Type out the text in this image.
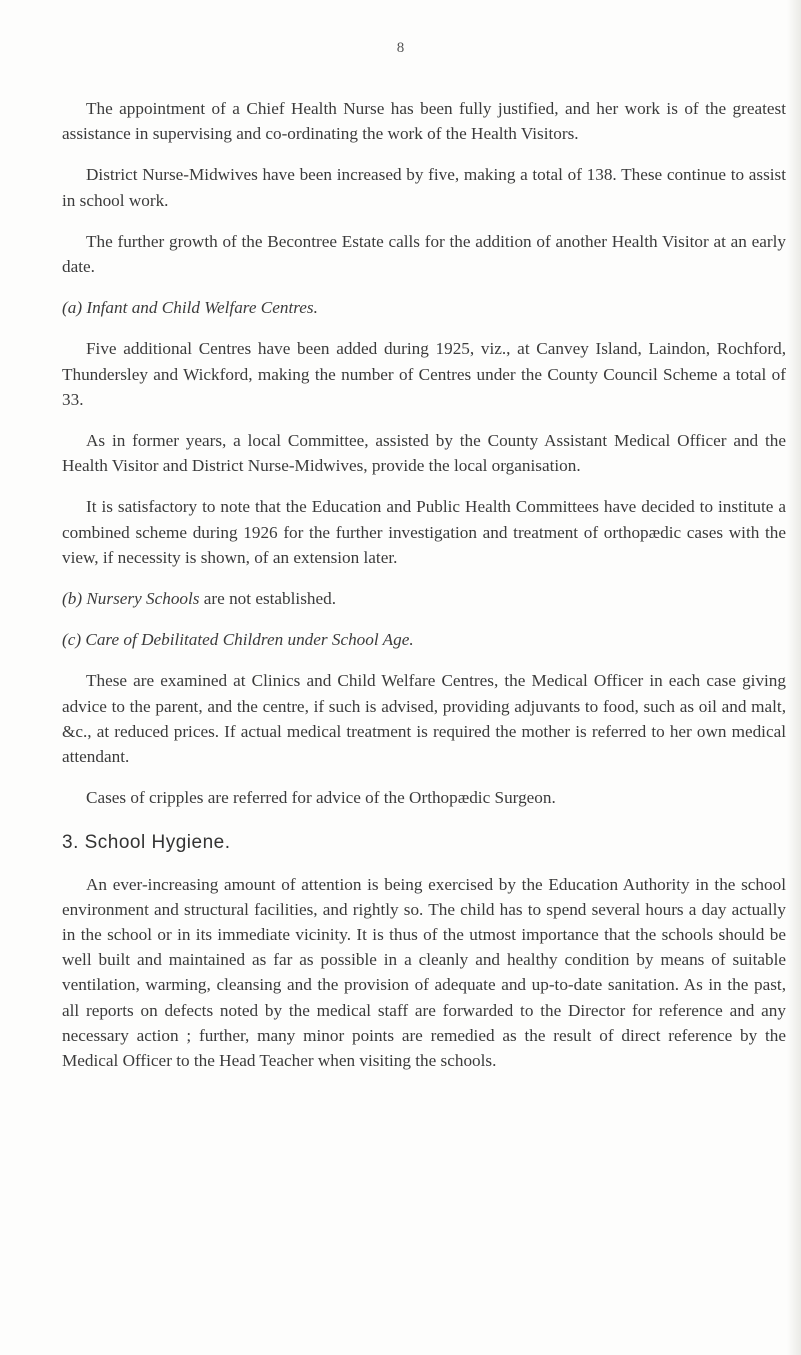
8

The appointment of a Chief Health Nurse has been fully justified, and her work is of the greatest assistance in supervising and co-ordinating the work of the Health Visitors.

District Nurse-Midwives have been increased by five, making a total of 138. These continue to assist in school work.

The further growth of the Becontree Estate calls for the addition of another Health Visitor at an early date.

(a) Infant and Child Welfare Centres.

Five additional Centres have been added during 1925, viz., at Canvey Island, Laindon, Rochford, Thundersley and Wickford, making the number of Centres under the County Council Scheme a total of 33.

As in former years, a local Committee, assisted by the County Assistant Medical Officer and the Health Visitor and District Nurse-Midwives, provide the local organisation.

It is satisfactory to note that the Education and Public Health Committees have decided to institute a combined scheme during 1926 for the further investigation and treatment of orthopædic cases with the view, if necessity is shown, of an extension later.

(b) Nursery Schools are not established.

(c) Care of Debilitated Children under School Age.

These are examined at Clinics and Child Welfare Centres, the Medical Officer in each case giving advice to the parent, and the centre, if such is advised, providing adjuvants to food, such as oil and malt, &c., at reduced prices. If actual medical treatment is required the mother is referred to her own medical attendant.

Cases of cripples are referred for advice of the Orthopædic Surgeon.

3. School Hygiene.

An ever-increasing amount of attention is being exercised by the Education Authority in the school environment and structural facilities, and rightly so. The child has to spend several hours a day actually in the school or in its immediate vicinity. It is thus of the utmost importance that the schools should be well built and maintained as far as possible in a cleanly and healthy condition by means of suitable ventilation, warming, cleansing and the provision of adequate and up-to-date sanitation. As in the past, all reports on defects noted by the medical staff are forwarded to the Director for reference and any necessary action ; further, many minor points are remedied as the result of direct reference by the Medical Officer to the Head Teacher when visiting the schools.
